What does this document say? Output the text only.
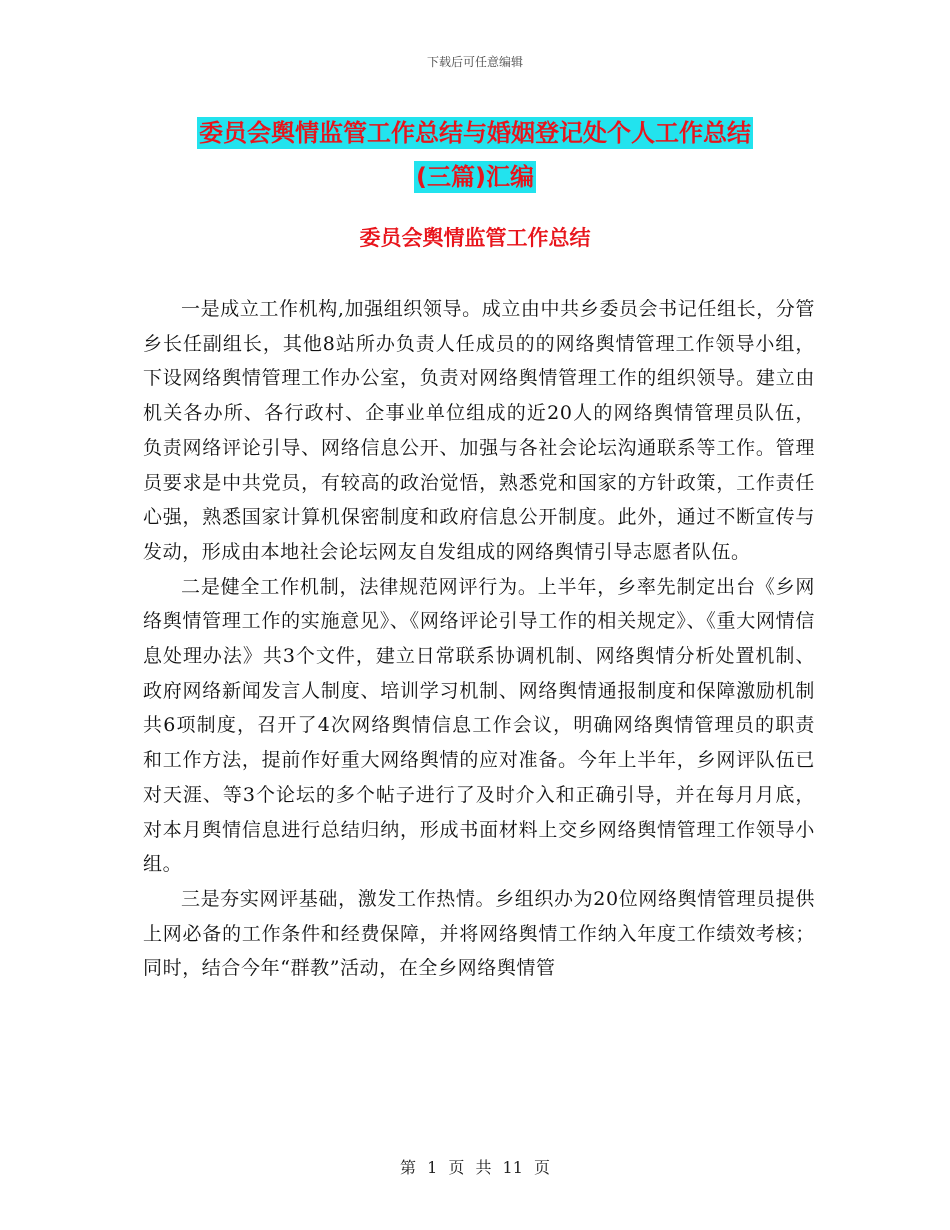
下载后可任意编辑
委员会舆情监管工作总结与婚姻登记处个人工作总结
(三篇)汇编
委员会舆情监管工作总结

一是成立工作机构,加强组织领导。成立由中共乡委员会书记任组长，分管乡长任副组长，其他8站所办负责人任成员的的网络舆情管理工作领导小组，下设网络舆情管理工作办公室，负责对网络舆情管理工作的组织领导。建立由机关各办所、各行政村、企事业单位组成的近20人的网络舆情管理员队伍，负责网络评论引导、网络信息公开、加强与各社会论坛沟通联系等工作。管理员要求是中共党员，有较高的政治觉悟，熟悉党和国家的方针政策，工作责任心强，熟悉国家计算机保密制度和政府信息公开制度。此外，通过不断宣传与发动，形成由本地社会论坛网友自发组成的网络舆情引导志愿者队伍。

二是健全工作机制，法律规范网评行为。上半年，乡率先制定出台《乡网络舆情管理工作的实施意见》、《网络评论引导工作的相关规定》、《重大网情信息处理办法》共3个文件，建立日常联系协调机制、网络舆情分析处置机制、政府网络新闻发言人制度、培训学习机制、网络舆情通报制度和保障激励机制共6项制度，召开了4次网络舆情信息工作会议，明确网络舆情管理员的职责和工作方法，提前作好重大网络舆情的应对准备。今年上半年，乡网评队伍已对天涯、等3个论坛的多个帖子进行了及时介入和正确引导，并在每月月底，对本月舆情信息进行总结归纳，形成书面材料上交乡网络舆情管理工作领导小组。

三是夯实网评基础，激发工作热情。乡组织办为20位网络舆情管理员提供上网必备的工作条件和经费保障，并将网络舆情工作纳入年度工作绩效考核；同时，结合今年“群教”活动，在全乡网络舆情管

第 1 页 共 11 页
